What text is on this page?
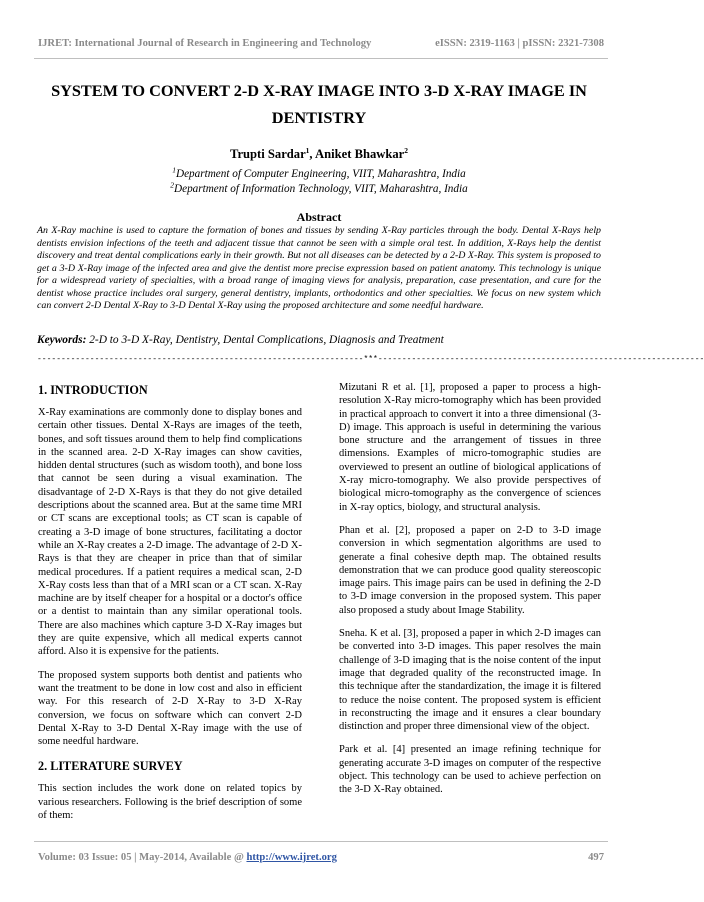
IJRET: International Journal of Research in Engineering and Technology	eISSN: 2319-1163 | pISSN: 2321-7308
SYSTEM TO CONVERT 2-D X-RAY IMAGE INTO 3-D X-RAY IMAGE IN DENTISTRY
Trupti Sardar$^1$, Aniket Bhawkar$^2$
$^1$Department of Computer Engineering, VIIT, Maharashtra, India
$^2$Department of Information Technology, VIIT, Maharashtra, India
Abstract
An X-Ray machine is used to capture the formation of bones and tissues by sending X-Ray particles through the body. Dental X-Rays help dentists envision infections of the teeth and adjacent tissue that cannot be seen with a simple oral test. In addition, X-Rays help the dentist discovery and treat dental complications early in their growth. But not all diseases can be detected by a 2-D X-Ray. This system is proposed to get a 3-D X-Ray image of the infected area and give the dentist more precise expression based on patient anatomy. This technology is unique for a widespread variety of specialties, with a broad range of imaging views for analysis, preparation, case presentation, and cure for the dentist whose practice includes oral surgery, general dentistry, implants, orthodontics and other specialties. We focus on new system which can convert 2-D Dental X-Ray to 3-D Dental X-Ray using the proposed architecture and some needful hardware.
Keywords: 2-D to 3-D X-Ray, Dentistry, Dental Complications, Diagnosis and Treatment
--------------------------------------------------------------------***--------------------------------------------------------------------
1. INTRODUCTION

X-Ray examinations are commonly done to display bones and certain other tissues. Dental X-Rays are images of the teeth, bones, and soft tissues around them to help find complications in the scanned area. 2-D X-Ray images can show cavities, hidden dental structures (such as wisdom tooth), and bone loss that cannot be seen during a visual examination. The disadvantage of 2-D X-Rays is that they do not give detailed descriptions about the scanned area. But at the same time MRI or CT scans are exceptional tools; as CT scan is capable of creating a 3-D image of bone structures, facilitating a doctor while an X-Ray creates a 2-D image. The advantage of 2-D X-Rays is that they are cheaper in price than that of similar medical procedures. If a patient requires a medical scan, 2-D X-Ray costs less than that of a MRI scan or a CT scan. X-Ray machine are by itself cheaper for a hospital or a doctor's office or a dentist to maintain than any similar operational tools. There are also machines which capture 3-D X-Ray images but they are quite expensive, which all medical experts cannot afford. Also it is expensive for the patients.

The proposed system supports both dentist and patients who want the treatment to be done in low cost and also in efficient way. For this research of 2-D X-Ray to 3-D X-Ray conversion, we focus on software which can convert 2-D Dental X-Ray to 3-D Dental X-Ray image with the use of some needful hardware.

2. LITERATURE SURVEY

This section includes the work done on related topics by various researchers. Following is the brief description of some of them:

Mizutani R et al. [1], proposed a paper to process a high-resolution X-Ray micro-tomography which has been provided in practical approach to convert it into a three dimensional (3-D) image. This approach is useful in determining the various bone structure and the arrangement of tissues in three dimensions. Examples of micro-tomographic studies are overviewed to present an outline of biological applications of X-ray micro-tomography. We also provide perspectives of biological micro-tomography as the convergence of sciences in X-ray optics, biology, and structural analysis.

Phan et al. [2], proposed a paper on 2-D to 3-D image conversion in which segmentation algorithms are used to generate a final cohesive depth map. The obtained results demonstration that we can produce good quality stereoscopic image pairs. This image pairs can be used in defining the 2-D to 3-D image conversion in the proposed system. This paper also proposed a study about Image Stability.

Sneha. K et al. [3], proposed a paper in which 2-D images can be converted into 3-D images. This paper resolves the main challenge of 3-D imaging that is the noise content of the input image that degraded quality of the reconstructed image. In this technique after the standardization, the image it is filtered to reduce the noise content. The proposed system is efficient in reconstructing the image and it ensures a clear boundary distinction and proper three dimensional view of the object.

Park et al. [4] presented an image refining technique for generating accurate 3-D images on computer of the respective object. This technology can be used to achieve perfection on the 3-D X-Ray obtained.

Volume: 03 Issue: 05 | May-2014, Available @ http://www.ijret.org	497
